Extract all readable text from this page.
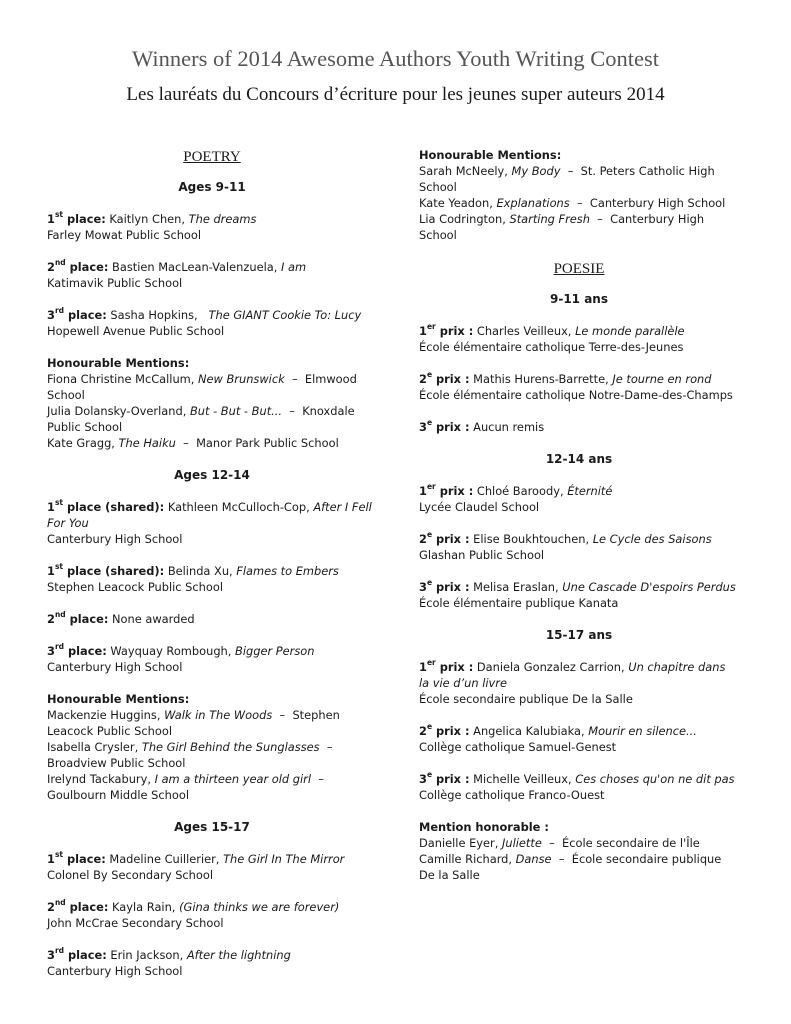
Winners of 2014 Awesome Authors Youth Writing Contest
Les lauréats du Concours d’écriture pour les jeunes super auteurs 2014
POETRY
Ages 9-11
1st place: Kaitlyn Chen, The dreams
Farley Mowat Public School
2nd place: Bastien MacLean-Valenzuela, I am
Katimavik Public School
3rd place: Sasha Hopkins,   The GIANT Cookie To: Lucy
Hopewell Avenue Public School
Honourable Mentions:
Fiona Christine McCallum, New Brunswick  –  Elmwood School
Julia Dolansky-Overland, But - But - But...  –  Knoxdale Public School
Kate Gragg, The Haiku  –  Manor Park Public School
Ages 12-14
1st place (shared): Kathleen McCulloch-Cop, After I Fell For You
Canterbury High School
1st place (shared): Belinda Xu, Flames to Embers
Stephen Leacock Public School
2nd place: None awarded
3rd place: Wayquay Rombough, Bigger Person
Canterbury High School
Honourable Mentions:
Mackenzie Huggins, Walk in The Woods  –  Stephen Leacock Public School
Isabella Crysler, The Girl Behind the Sunglasses  –  Broadview Public School
Irelynd Tackabury, I am a thirteen year old girl  –  Goulbourn Middle School
Ages 15-17
1st place: Madeline Cuillerier, The Girl In The Mirror
Colonel By Secondary School
2nd place: Kayla Rain, (Gina thinks we are forever)
John McCrae Secondary School
3rd place: Erin Jackson, After the lightning
Canterbury High School
Honourable Mentions:
Sarah McNeely, My Body  –  St. Peters Catholic High School
Kate Yeadon, Explanations  –  Canterbury High School
Lia Codrington, Starting Fresh  –  Canterbury High School
POESIE
9-11 ans
1er prix : Charles Veilleux, Le monde parallèle
École élémentaire catholique Terre-des-Jeunes
2e prix : Mathis Hurens-Barrette, Je tourne en rond
École élémentaire catholique Notre-Dame-des-Champs
3e prix : Aucun remis
12-14 ans
1er prix : Chloé Baroody, Éternité
Lycée Claudel School
2e prix : Elise Boukhtouchen, Le Cycle des Saisons
Glashan Public School
3e prix : Melisa Eraslan, Une Cascade D'espoirs Perdus
École élémentaire publique Kanata
15-17 ans
1er prix : Daniela Gonzalez Carrion, Un chapitre dans la vie d’un livre
École secondaire publique De la Salle
2e prix : Angelica Kalubiaka, Mourir en silence...
Collège catholique Samuel-Genest
3e prix : Michelle Veilleux, Ces choses qu'on ne dit pas
Collège catholique Franco-Ouest
Mention honorable :
Danielle Eyer, Juliette  –  École secondaire de l'Île
Camille Richard, Danse  –  École secondaire publique De la Salle
